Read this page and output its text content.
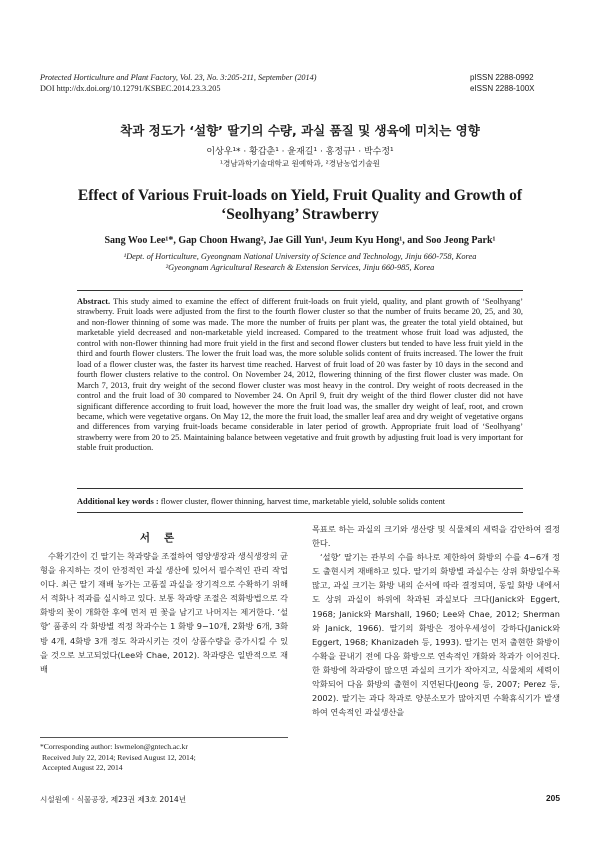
Protected Horticulture and Plant Factory, Vol. 23, No. 3:205-211, September (2014)
DOI http://dx.doi.org/10.12791/KSBEC.2014.23.3.205
pISSN 2288-0992
eISSN 2288-100X
착과 정도가 ‘설향’ 딸기의 수량, 과실 품질 및 생육에 미치는 영향
이상우¹* · 황갑춘¹ · 윤재길¹ · 홍정규¹ · 박수정¹
¹경남과학기술대학교 원예학과, ²경남농업기술원
Effect of Various Fruit-loads on Yield, Fruit Quality and Growth of
‘Seolhyang’ Strawberry
Sang Woo Lee¹*, Gap Choon Hwang², Jae Gill Yun¹, Jeum Kyu Hong¹, and Soo Jeong Park¹
¹Dept. of Horticulture, Gyeongnam National University of Science and Technology, Jinju 660-758, Korea
²Gyeongnam Agricultural Research & Extension Services, Jinju 660-985, Korea
Abstract. This study aimed to examine the effect of different fruit-loads on fruit yield, quality, and plant growth of ‘Seolhyang’ strawberry. Fruit loads were adjusted from the first to the fourth flower cluster so that the number of fruits became 20, 25, and 30, and non-flower thinning of some was made. The more the number of fruits per plant was, the greater the total yield obtained, but marketable yield decreased and non-marketable yield increased. Compared to the treatment whose fruit load was adjusted, the control with non-flower thinning had more fruit yield in the first and second flower clusters but tended to have less fruit yield in the third and fourth flower clusters. The lower the fruit load was, the more soluble solids content of fruits increased. The lower the fruit load of a flower cluster was, the faster its harvest time reached. Harvest of fruit load of 20 was faster by 10 days in the second and fourth flower clusters relative to the control. On November 24, 2012, flowering thinning of the first flower cluster was made. On March 7, 2013, fruit dry weight of the second flower cluster was most heavy in the control. Dry weight of roots decreased in the control and the fruit load of 30 compared to November 24. On April 9, fruit dry weight of the third flower cluster did not have significant difference according to fruit load, however the more the fruit load was, the smaller dry weight of leaf, root, and crown became, which were vegetative organs. On May 12, the more the fruit load, the smaller leaf area and dry weight of vegetative organs and differences from varying fruit-loads became considerable in later period of growth. Appropriate fruit load of ‘Seolhyang’ strawberry were from 20 to 25. Maintaining balance between vegetative and fruit growth by adjusting fruit load is very important for stable fruit production.
Additional key words : flower cluster, flower thinning, harvest time, marketable yield, soluble solids content
서론

수확기간이 긴 딸기는 착과량을 조절하여 영양생장과 생식생장의 균형을 유지하는 것이 안정적인 과실 생산에 있어서 필수적인 관리 작업이다. 최근 딸기 재배 농가는 고품질 과실을 장기적으로 수확하기 위해서 적화나 적과를 실시하고 있다. 보통 착과량 조절은 적화방법으로 각 화방의 꽃이 개화한 후에 먼저 핀 꽃을 남기고 나머지는 제거한다. ‘설향’ 품종의 각 화방별 적정 착과수는 1 화방 9−10개, 2화방 6개, 3화방 4개, 4화방 3개 정도 착과시키는 것이 상품수량을 증가시킬 수 있을 것으로 보고되었다(Lee와 Chae, 2012). 착과량은 일반적으로 재배

목표로 하는 과실의 크기와 생산량 및 식물체의 세력을 감안하여 결정한다.

‘설향’ 딸기는 관부의 수를 하나로 제한하여 화방의 수를 4−6개 정도 출현시켜 재배하고 있다. 딸기의 화방별 과실수는 상위 화방일수록 많고, 과실 크기는 화방 내의 순서에 따라 결정되며, 동일 화방 내에서도 상위 과실이 하위에 착과된 과실보다 크다(Janick와 Eggert, 1968; Janick와 Marshall, 1960; Lee와 Chae, 2012; Sherman와 Janick, 1966). 딸기의 화방은 정아우세성이 강하다(Janick와 Eggert, 1968; Khanizadeh 등, 1993). 딸기는 먼저 출현한 화방이 수확을 끝내기 전에 다음 화방으로 연속적인 개화와 착과가 이어진다. 한 화방에 착과량이 많으면 과실의 크기가 작아지고, 식물체의 세력이 악화되어 다음 화방의 출현이 지연된다(Jeong 등, 2007; Perez 등, 2002). 딸기는 과다 착과로 양분소모가 많아지면 수확휴식기가 발생하여 연속적인 과실생산을

*Corresponding author: lswmelon@gntech.ac.kr
Received July 22, 2014; Revised August 12, 2014;
Accepted August 22, 2014
시설원예 · 식물공장, 제23권 제3호 2014년	205
